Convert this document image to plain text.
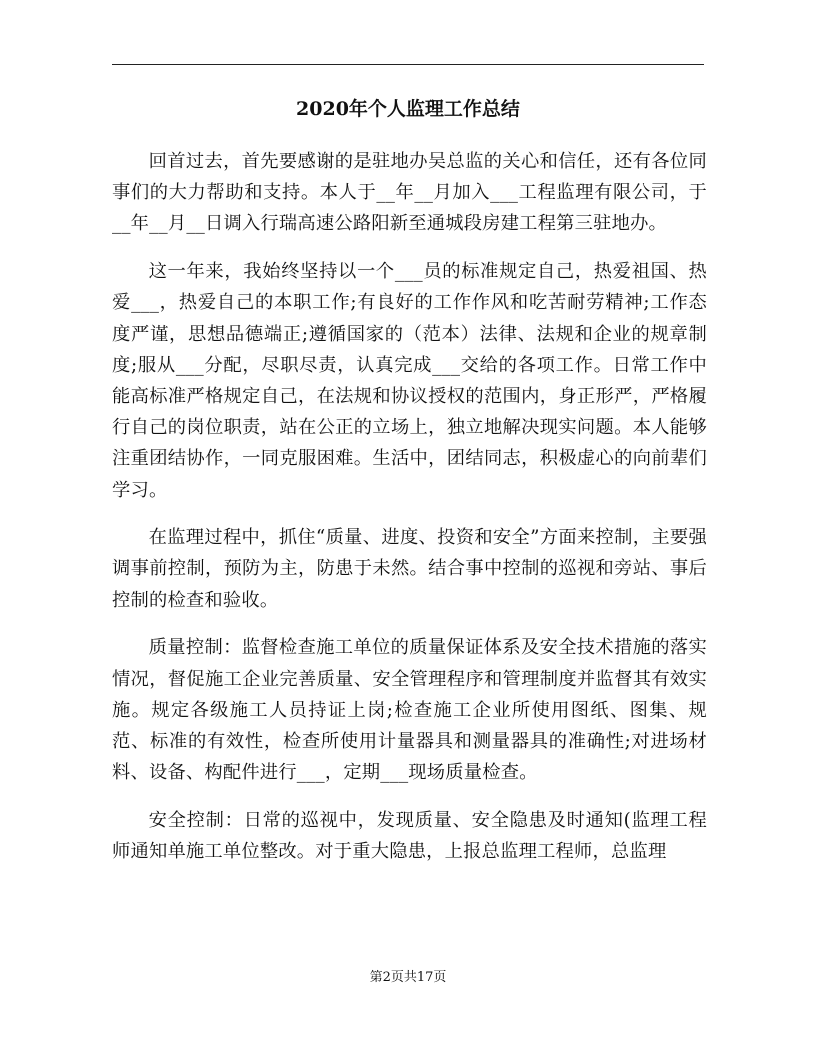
2020年个人监理工作总结

回首过去，首先要感谢的是驻地办吴总监的关心和信任，还有各位同事们的大力帮助和支持。本人于__年__月加入___工程监理有限公司，于__年__月__日调入行瑞高速公路阳新至通城段房建工程第三驻地办。

这一年来，我始终坚持以一个___员的标准规定自己，热爱祖国、热爱___，热爱自己的本职工作;有良好的工作作风和吃苦耐劳精神;工作态度严谨，思想品德端正;遵循国家的（范本）法律、法规和企业的规章制度;服从___分配，尽职尽责，认真完成___交给的各项工作。日常工作中能高标准严格规定自己，在法规和协议授权的范围内，身正形严，严格履行自己的岗位职责，站在公正的立场上，独立地解决现实问题。本人能够注重团结协作，一同克服困难。生活中，团结同志，积极虚心的向前辈们学习。

在监理过程中，抓住“质量、进度、投资和安全”方面来控制，主要强调事前控制，预防为主，防患于未然。结合事中控制的巡视和旁站、事后控制的检查和验收。

质量控制：监督检查施工单位的质量保证体系及安全技术措施的落实情况，督促施工企业完善质量、安全管理程序和管理制度并监督其有效实施。规定各级施工人员持证上岗;检查施工企业所使用图纸、图集、规范、标准的有效性，检查所使用计量器具和测量器具的准确性;对进场材料、设备、构配件进行___，定期___现场质量检查。

安全控制：日常的巡视中，发现质量、安全隐患及时通知(监理工程师通知单施工单位整改。对于重大隐患，上报总监理工程师，总监理

第2页共17页
